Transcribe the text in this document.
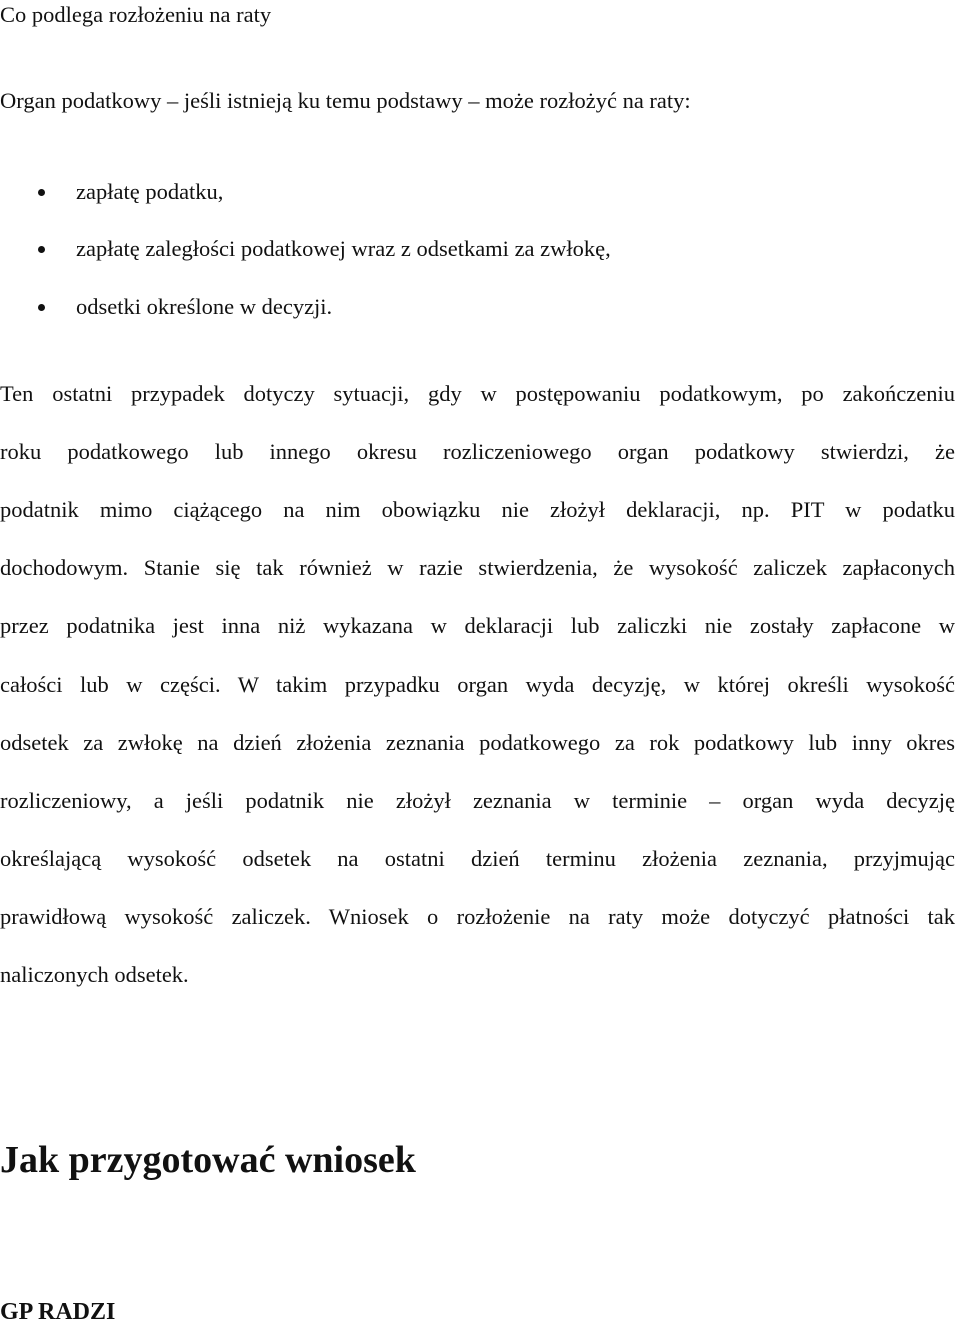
Co podlega rozłożeniu na raty

Organ podatkowy – jeśli istnieją ku temu podstawy – może rozłożyć na raty:

zapłatę podatku,
zapłatę zaległości podatkowej wraz z odsetkami za zwłokę,
odsetki określone w decyzji.
Ten ostatni przypadek dotyczy sytuacji, gdy w postępowaniu podatkowym, po zakończeniu
roku podatkowego lub innego okresu rozliczeniowego organ podatkowy stwierdzi, że
podatnik mimo ciążącego na nim obowiązku nie złożył deklaracji, np. PIT w podatku
dochodowym. Stanie się tak również w razie stwierdzenia, że wysokość zaliczek zapłaconych
przez podatnika jest inna niż wykazana w deklaracji lub zaliczki nie zostały zapłacone w
całości lub w części. W takim przypadku organ wyda decyzję, w której określi wysokość
odsetek za zwłokę na dzień złożenia zeznania podatkowego za rok podatkowy lub inny okres
rozliczeniowy, a jeśli podatnik nie złożył zeznania w terminie – organ wyda decyzję
określającą wysokość odsetek na ostatni dzień terminu złożenia zeznania, przyjmując
prawidłową wysokość zaliczek. Wniosek o rozłożenie na raty może dotyczyć płatności tak
naliczonych odsetek.
Jak przygotować wniosek
GP RADZI
